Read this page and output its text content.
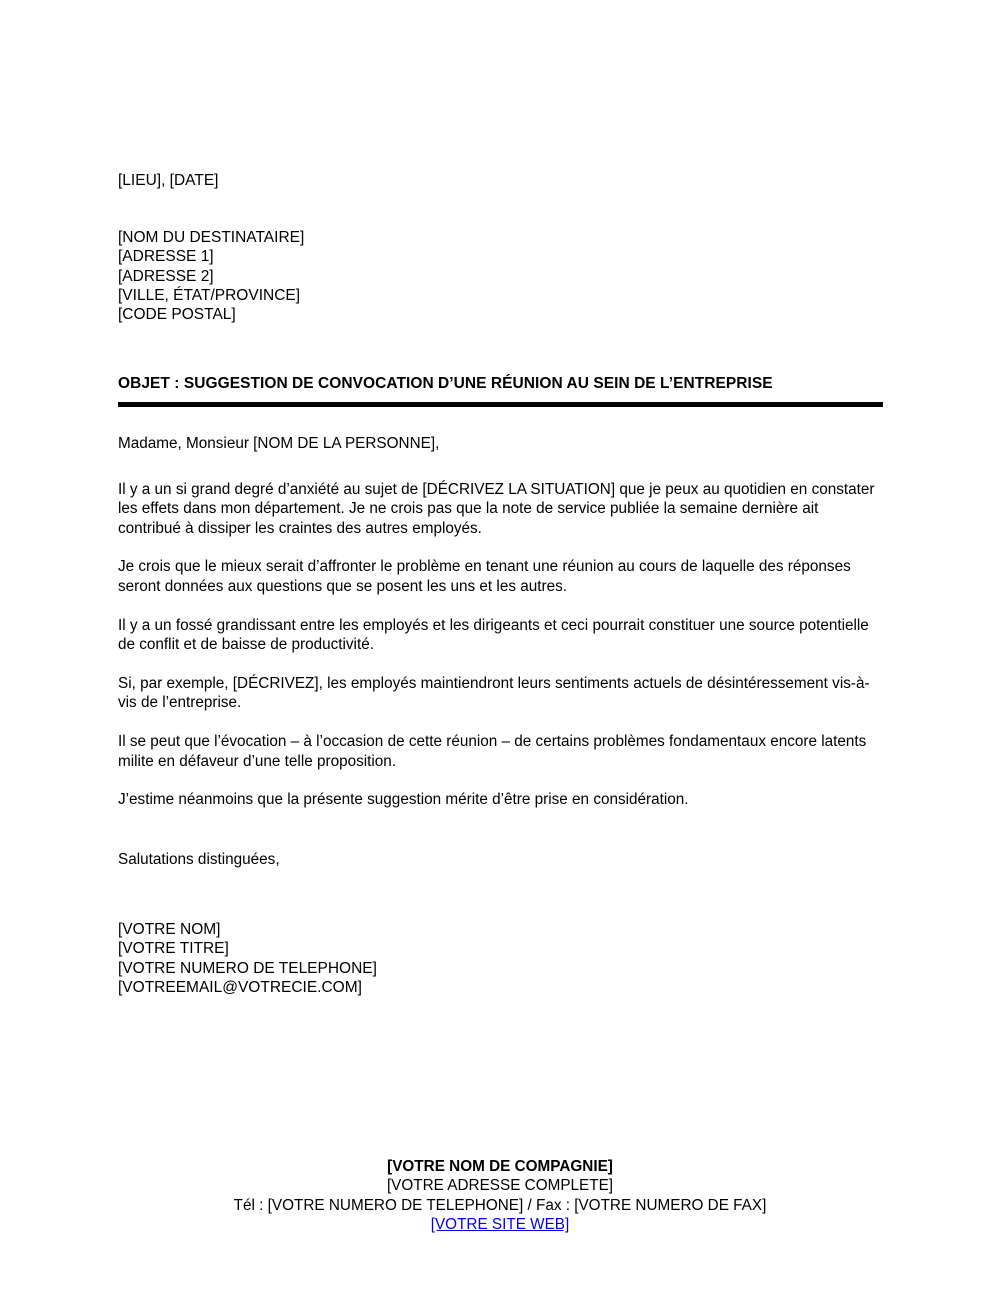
[LIEU], [DATE]
[NOM DU DESTINATAIRE]
[ADRESSE 1]
[ADRESSE 2]
[VILLE, ÉTAT/PROVINCE]
[CODE POSTAL]
OBJET : SUGGESTION DE CONVOCATION D’UNE RÉUNION AU SEIN DE L’ENTREPRISE

Madame, Monsieur [NOM DE LA PERSONNE],

Il y a un si grand degré d’anxiété au sujet de [DÉCRIVEZ LA SITUATION] que je peux au quotidien en constater les effets dans mon département. Je ne crois pas que la note de service publiée la semaine dernière ait contribué à dissiper les craintes des autres employés.

Je crois que le mieux serait d’affronter le problème en tenant une réunion au cours de laquelle des réponses seront données aux questions que se posent les uns et les autres.

Il y a un fossé grandissant entre les employés et les dirigeants et ceci pourrait constituer une source potentielle de conflit et de baisse de productivité.

Si, par exemple, [DÉCRIVEZ], les employés maintiendront leurs sentiments actuels de désintéressement vis-à-vis de l’entreprise.

Il se peut que l’évocation – à l’occasion de cette réunion – de certains problèmes fondamentaux encore latents milite en défaveur d’une telle proposition.

J’estime néanmoins que la présente suggestion mérite d’être prise en considération.

Salutations distinguées,

[VOTRE NOM]
[VOTRE TITRE]
[VOTRE NUMERO DE TELEPHONE]
[VOTREEMAIL@VOTRECIE.COM]
[VOTRE NOM DE COMPAGNIE]
[VOTRE ADRESSE COMPLETE]
Tél : [VOTRE NUMERO DE TELEPHONE] / Fax : [VOTRE NUMERO DE FAX]
[VOTRE SITE WEB]
